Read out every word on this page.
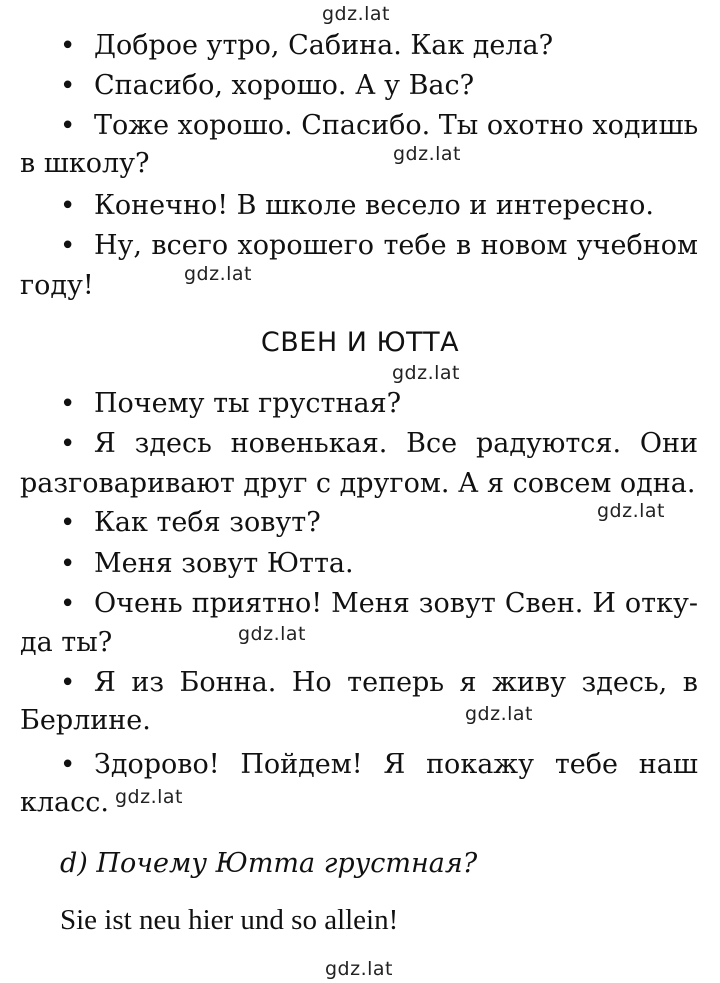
gdz.lat
gdz.lat
gdz.lat
gdz.lat
gdz.lat
gdz.lat
gdz.lat
gdz.lat
gdz.lat
•Доброе утро, Сабина. Как дела?
•Спасибо, хорошо. А у Вас?
•Тоже хорошо. Спасибо. Ты охотно ходишь
в школу?
•Конечно! В школе весело и интересно.
•Ну, всего хорошего тебе в новом учебном
году!
СВЕН И ЮТТА
•Почему ты грустная?
•Я здесь новенькая. Все радуются. Они
разговаривают друг с другом. А я совсем одна.
•Как тебя зовут?
•Меня зовут Ютта.
•Очень приятно! Меня зовут Свен. И отку-
да ты?
•Я из Бонна. Но теперь я живу здесь, в
Берлине.
•Здорово! Пойдем! Я покажу тебе наш
класс.
d) Почему Ютта грустная?
Sie ist neu hier und so allein!
